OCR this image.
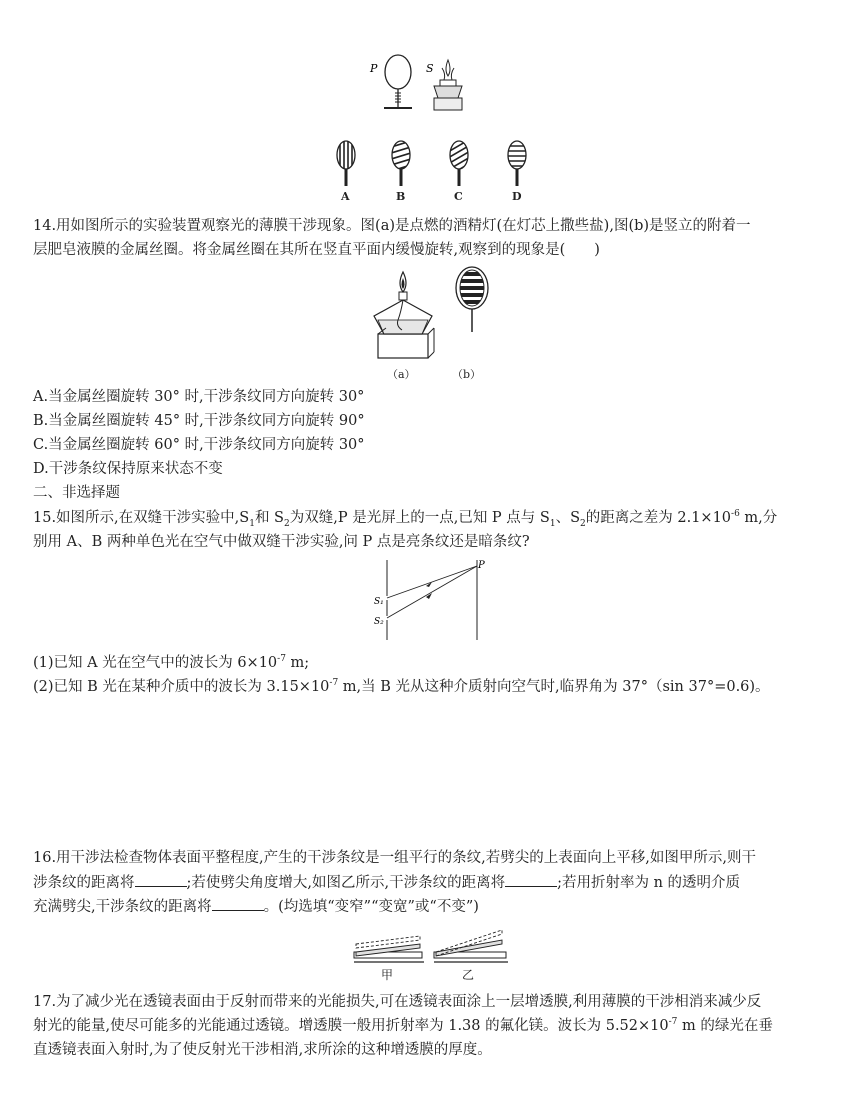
P	S
A	B	C	D
14.用如图所示的实验装置观察光的薄膜干涉现象。图(a)是点燃的酒精灯(在灯芯上撒些盐),图(b)是竖立的附着一
层肥皂液膜的金属丝圈。将金属丝圈在其所在竖直平面内缓慢旋转,观察到的现象是(　　)
（a）	（b）
A.当金属丝圈旋转 30° 时,干涉条纹同方向旋转 30°
B.当金属丝圈旋转 45° 时,干涉条纹同方向旋转 90°
C.当金属丝圈旋转 60° 时,干涉条纹同方向旋转 30°
D.干涉条纹保持原来状态不变
二、非选择题
15.如图所示,在双缝干涉实验中$,S_1$和 $S_2$为双缝,P 是光屏上的一点,已知 P 点与 $S_1$、$S_2$的距离之差为 $2.1\times 10^{-6}$ m,分
别用 A、B 两种单色光在空气中做双缝干涉实验,问 P 点是亮条纹还是暗条纹?
P
S₁
S₂
(1)已知 A 光在空气中的波长为 $6\times 10^{-7}$ m;
(2)已知 B 光在某种介质中的波长为 $3.15\times 10^{-7}$ m,当 B 光从这种介质射向空气时,临界角为 37°（sin 37°=0.6)。
16.用干涉法检查物体表面平整程度,产生的干涉条纹是一组平行的条纹,若劈尖的上表面向上平移,如图甲所示,则干
涉条纹的距离将	;若使劈尖角度增大,如图乙所示,干涉条纹的距离将	;若用折射率为 n 的透明介质
充满劈尖,干涉条纹的距离将	。(均选填“变窄”“变宽”或“不变”)
甲	乙
17.为了减少光在透镜表面由于反射而带来的光能损失,可在透镜表面涂上一层增透膜,利用薄膜的干涉相消来减少反
射光的能量,使尽可能多的光能通过透镜。增透膜一般用折射率为 1.38 的氟化镁。波长为 $5.52\times 10^{-7}$ m 的绿光在垂
直透镜表面入射时,为了使反射光干涉相消,求所涂的这种增透膜的厚度。
